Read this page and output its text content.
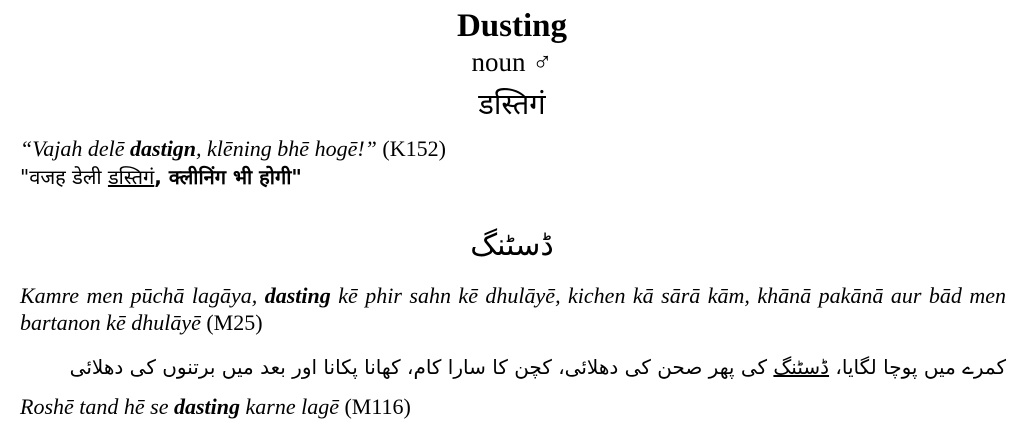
Dusting
noun ♂
डस्तिगं
“Vajah delē dastign, klēning bhē hogē!” (K152)
"वजह डेली डस्तिगं, क्लीनिंग भी होगी"
ڈسٹنگ
Kamre men pūchā lagāya, dasting kē phir sahn kē dhulāyē, kichen kā sārā kām, khānā pakānā aur bād men bartanon kē dhulāyē (M25)
کمرے میں پوچا لگایا، ڈسٹنگ کی پھر صحن کی دھلائی، کچن کا سارا کام، کھانا پکانا اور بعد میں برتنوں کی دھلائی
Roshē tand hē se dasting karne lagē (M116)
